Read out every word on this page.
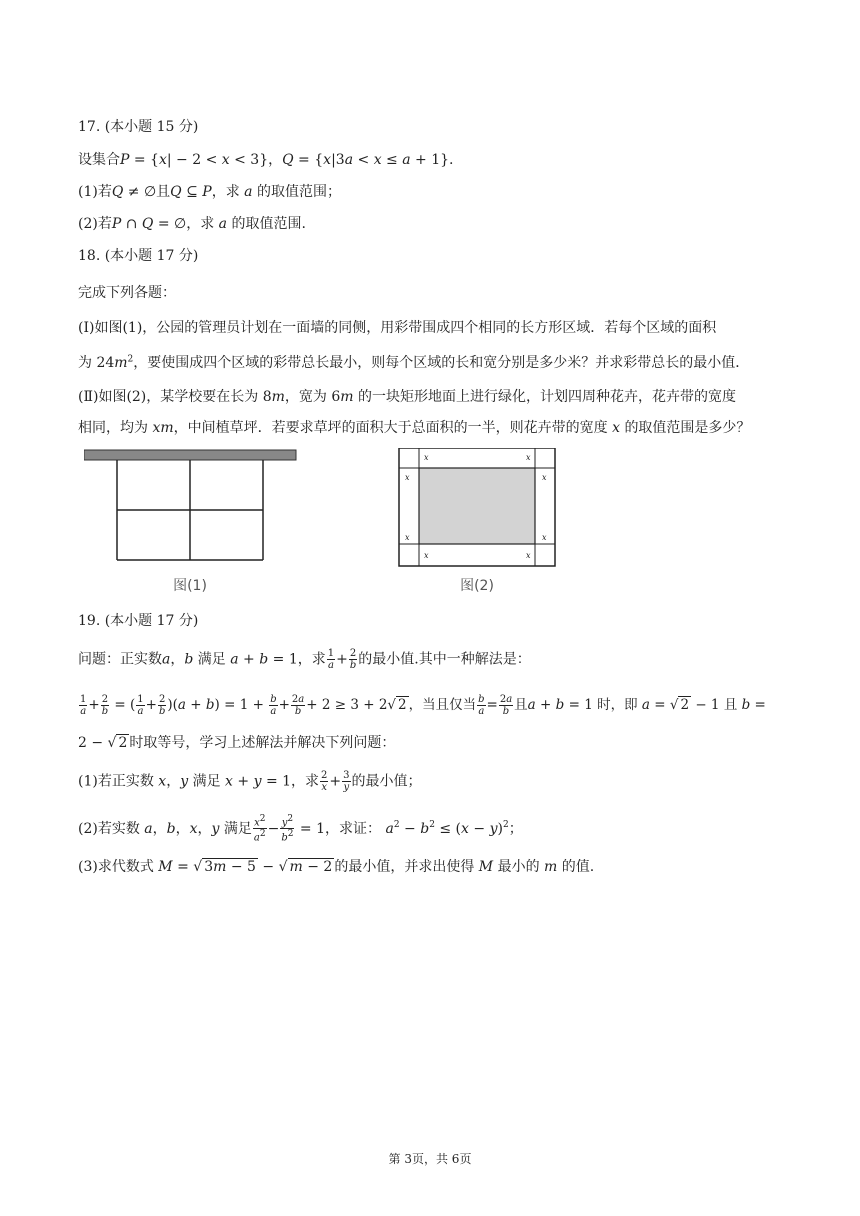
17. (本小题 15 分)
设集合P = {x| − 2 < x < 3}，Q = {x|3a < x ≤ a + 1}.
(1)若Q ≠ ∅且Q ⊆ P，求 a 的取值范围；
(2)若P ∩ Q = ∅，求 a 的取值范围.
18. (本小题 17 分)
完成下列各题：
(Ⅰ)如图(1)，公园的管理员计划在一面墙的同侧，用彩带围成四个相同的长方形区域．若每个区域的面积
为 $24m^2$，要使围成四个区域的彩带总长最小，则每个区域的长和宽分别是多少米？并求彩带总长的最小值．
(Ⅱ)如图(2)，某学校要在长为 8m，宽为 6m 的一块矩形地面上进行绿化，计划四周种花卉，花卉带的宽度
相同，均为 xm，中间植草坪．若要求草坪的面积大于总面积的一半，则花卉带的宽度 x 的取值范围是多少？
图(1)
x	x
x	x
x	x
x	x
图(2)
19. (本小题 17 分)
问题：正实数a，b 满足 a + b = 1，求 $\frac{1}{a} + \frac{2}{b}$ 的最小值.其中一种解法是：
$\frac{1}{a} + \frac{2}{b}$ = ( $\frac{1}{a} + \frac{2}{b} )(a + b) = 1 + \frac{b}{a} + \frac{2a}{b} + 2 \ge 3 + 2√$ 2 ，当且仅当 $\frac{b}{a} = \frac{2a}{b}$ 且a + b = 1 时，即 a = √ 2 − 1 且 b =
2 − √ 2 时取等号，学习上述解法并解决下列问题：
(1)若正实数 x，y 满足 x + y = 1，求 $\frac{2}{x} + \frac{3}{y}$ 的最小值；
(2)若实数 a，b，x，y 满足 $\frac{x^2}{a^2} - \frac{y^2}{b^2} = 1$，求证： $a^2 - b^2 \le (x - y)^2$；
(3)求代数式 M = √ 3m − 5 − √ m − 2 的最小值，并求出使得 M 最小的 m 的值.
第 3页，共 6页
